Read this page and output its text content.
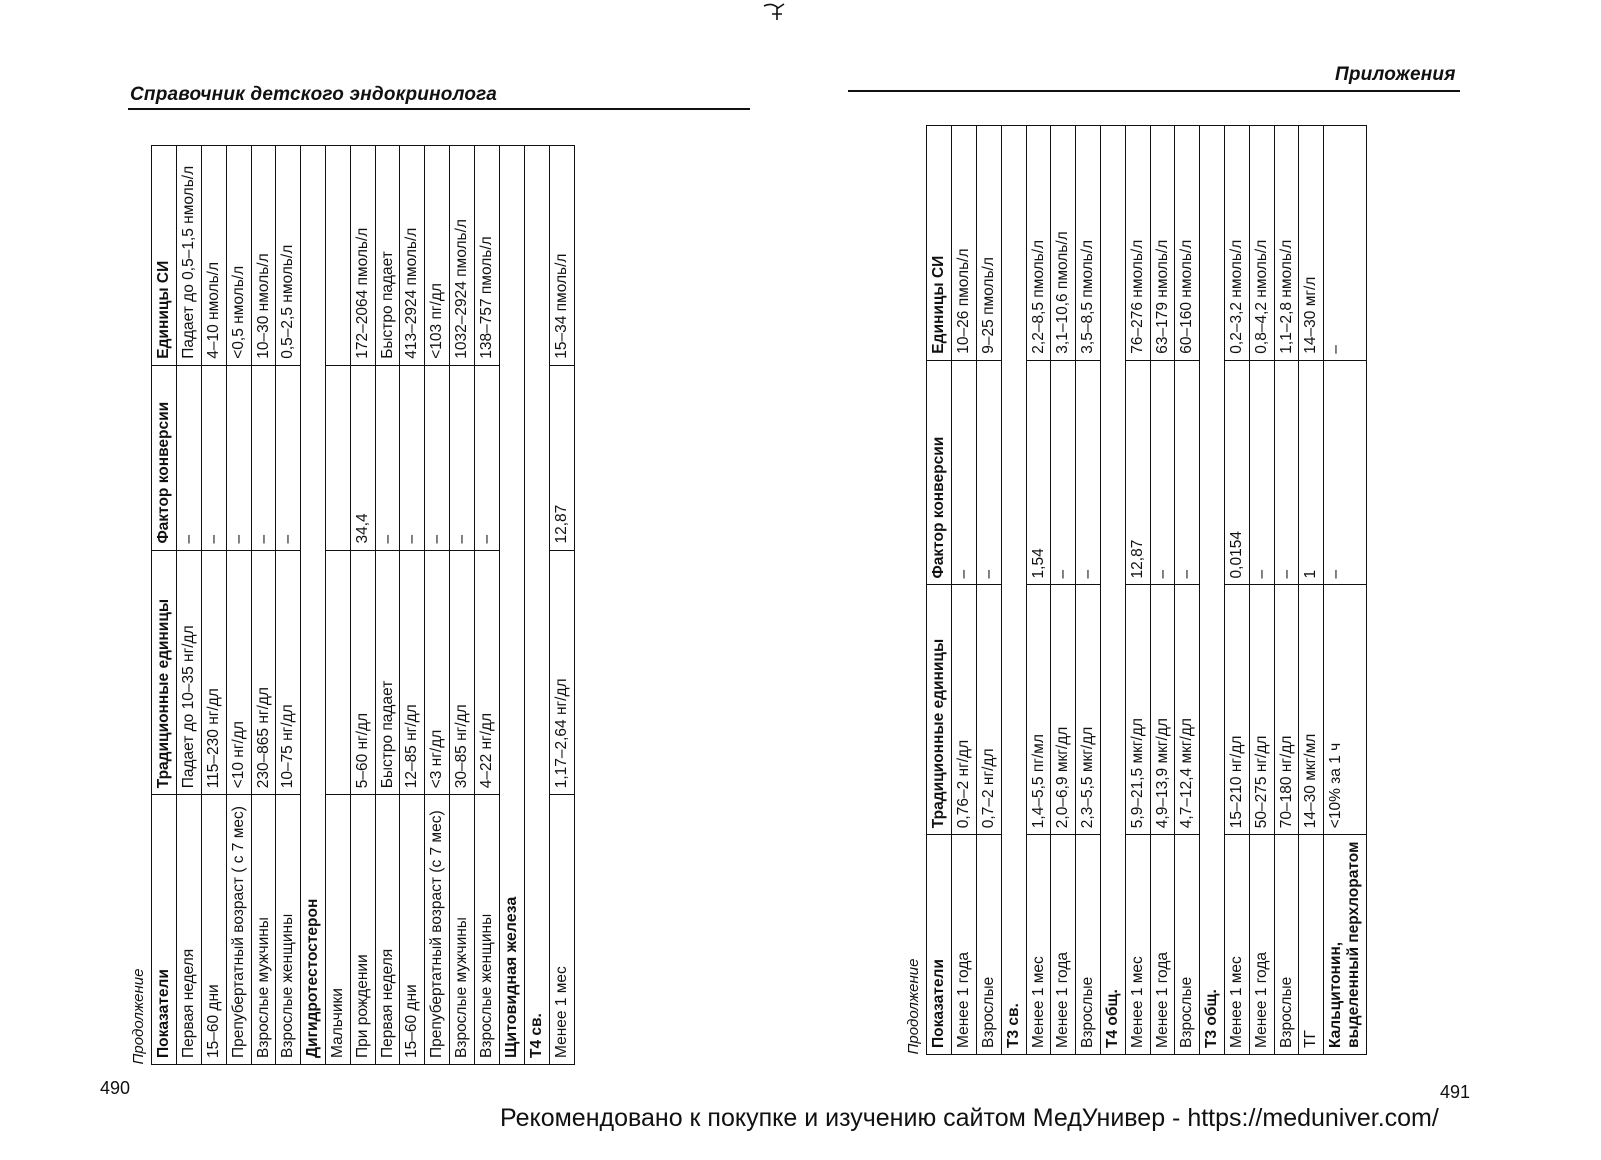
Справочник детского эндокринолога
Продолжение			
Показатели	Традиционные единицы	Фактор конверсии	Единицы СИ
Первая неделя	Падает до 10–35 нг/дл	–	Падает до 0,5–1,5 нмоль/л
15–60 дни	115–230 нг/дл	–	4–10 нмоль/л
Препубертатный возраст ( с 7 мес)	<10 нг/дл	–	<0,5 нмоль/л
Взрослые мужчины	230–865 нг/дл	–	10–30 нмоль/л
Взрослые женщины	10–75 нг/дл	–	0,5–2,5 нмоль/л
Дигидротестостерон			
Мальчики			
При рождении	5–60 нг/дл	34,4	172–2064 пмоль/л
Первая неделя	Быстро падает	–	Быстро падает
15–60 дни	12–85 нг/дл	–	413–2924 пмоль/л
Препубертатный возраст (с 7 мес)	<3 нг/дл	–	<103 пг/дл
Взрослые мужчины	30–85 нг/дл	–	1032–2924 пмоль/л
Взрослые женщины	4–22 нг/дл	–	138–757 пмоль/л
Щитовидная железа			
T4 св.			
Менее 1 мес	1,17–2,64 нг/дл	12,87	15–34 пмоль/л
490
Приложения
Продолжение			
Показатели	Традиционные единицы	Фактор конверсии	Единицы СИ
Менее 1 года	0,76–2 нг/дл	–	10–26 пмоль/л
Взрослые	0,7–2 нг/дл	–	9–25 пмоль/л
T3 св.			
Менее 1 мес	1,4–5,5 пг/мл	1,54	2,2–8,5 пмоль/л
Менее 1 года	2,0–6,9 мкг/дл	–	3,1–10,6 пмоль/л
Взрослые	2,3–5,5 мкг/дл	–	3,5–8,5 пмоль/л
T4 общ.			
Менее 1 мес	5,9–21,5 мкг/дл	12,87	76–276 нмоль/л
Менее 1 года	4,9–13,9 мкг/дл	–	63–179 нмоль/л
Взрослые	4,7–12,4 мкг/дл	–	60–160 нмоль/л
T3 общ.			
Менее 1 мес	15–210 нг/дл	0,0154	0,2–3,2 нмоль/л
Менее 1 года	50–275 нг/дл	–	0,8–4,2 нмоль/л
Взрослые	70–180 нг/дл	–	1,1–2,8 нмоль/л
ТГ	14–30 мкг/мл	1	14–30 мг/л
Кальцитонин, выделенный перхлоратом	<10% за 1 ч	–	–
491
Рекомендовано к покупке и изучению сайтом МедУнивер - https://meduniver.com/
